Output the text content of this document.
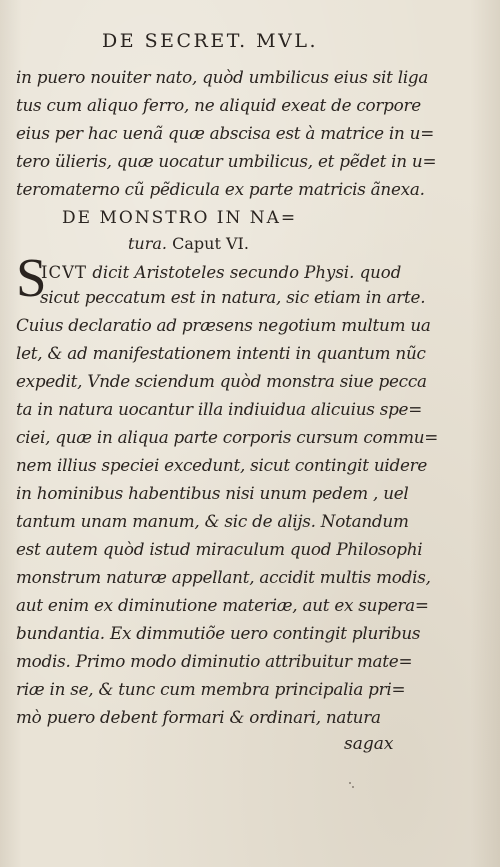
DE SECRET. MVL.
in puero nouiter nato, quòd umbilicus eius sit liga
tus cum aliquo ferro, ne aliquid exeat de corpore
eius per hac uenã quæ abscisa est à matrice in u=
tero ülieris, quæ uocatur umbilicus, et pẽdet in u=
teromaterno cũ pẽdicula ex parte matricis ãnexa.
DE MONSTRO IN NA=
tura. Caput VI.
S
ICVT dicit Aristoteles secundo Physi. quod
sicut peccatum est in natura, sic etiam in arte.
Cuius declaratio ad præsens negotium multum ua
let, & ad manifestationem intenti in quantum nũc
expedit, Vnde sciendum quòd monstra siue pecca
ta in natura uocantur illa indiuidua alicuius spe=
ciei, quæ in aliqua parte corporis cursum commu=
nem illius speciei excedunt, sicut contingit uidere
in hominibus habentibus nisi unum pedem , uel
tantum unam manum, & sic de alijs. Notandum
est autem quòd istud miraculum quod Philosophi
monstrum naturæ appellant, accidit multis modis,
aut enim ex diminutione materiæ, aut ex supera=
bundantia. Ex dimmutiõe uero contingit pluribus
modis. Primo modo diminutio attribuitur mate=
riæ in se, & tunc cum membra principalia pri=
mò puero debent formari & ordinari, natura
sagax
